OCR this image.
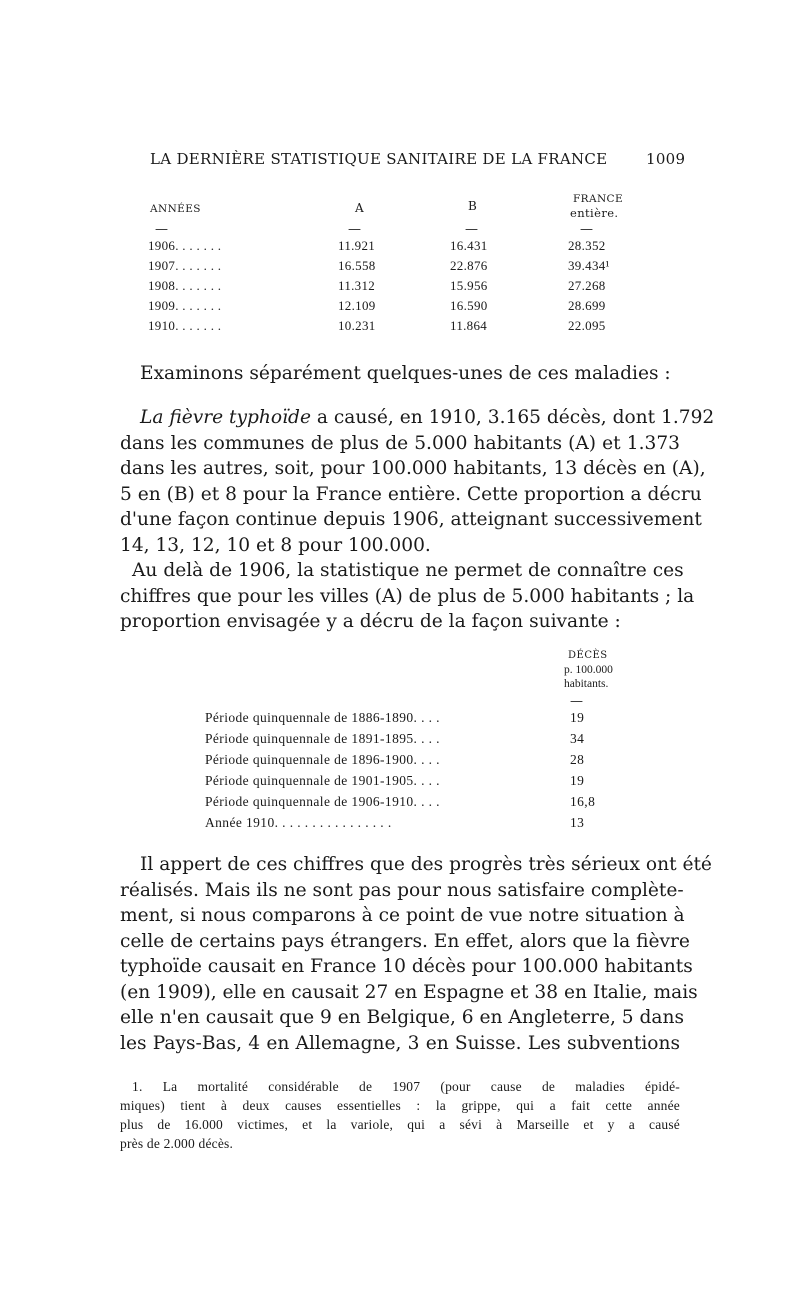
LA DERNIÈRE STATISTIQUE SANITAIRE DE LA FRANCE	1009
ANNÉES	A	B	FRANCE
entière.
—	—	—	—
1906. . . . . . .	11.921	16.431	28.352
1907. . . . . . .	16.558	22.876	39.434¹
1908. . . . . . .	11.312	15.956	27.268
1909. . . . . . .	12.109	16.590	28.699
1910. . . . . . .	10.231	11.864	22.095
Examinons séparément quelques-unes de ces maladies :
La fièvre typhoïde a causé, en 1910, 3.165 décès, dont 1.792
dans les communes de plus de 5.000 habitants (A) et 1.373
dans les autres, soit, pour 100.000 habitants, 13 décès en (A),
5 en (B) et 8 pour la France entière. Cette proportion a décru
d'une façon continue depuis 1906, atteignant successivement
14, 13, 12, 10 et 8 pour 100.000.
Au delà de 1906, la statistique ne permet de connaître ces
chiffres que pour les villes (A) de plus de 5.000 habitants ; la
proportion envisagée y a décru de la façon suivante :
DÉCÈS
p. 100.000
habitants.
—
Période quinquennale de 1886-1890. . . .	19
Période quinquennale de 1891-1895. . . .	34
Période quinquennale de 1896-1900. . . .	28
Période quinquennale de 1901-1905. . . .	19
Période quinquennale de 1906-1910. . . .	16,8
Année 1910. . . . . . . . . . . . . . . .	13
Il appert de ces chiffres que des progrès très sérieux ont été
réalisés. Mais ils ne sont pas pour nous satisfaire complète-
ment, si nous comparons à ce point de vue notre situation à
celle de certains pays étrangers. En effet, alors que la fièvre
typhoïde causait en France 10 décès pour 100.000 habitants
(en 1909), elle en causait 27 en Espagne et 38 en Italie, mais
elle n'en causait que 9 en Belgique, 6 en Angleterre, 5 dans
les Pays-Bas, 4 en Allemagne, 3 en Suisse. Les subventions
1. La mortalité considérable de 1907 (pour cause de maladies épidé-
miques) tient à deux causes essentielles : la grippe, qui a fait cette année
plus de 16.000 victimes, et la variole, qui a sévi à Marseille et y a causé
près de 2.000 décès.
